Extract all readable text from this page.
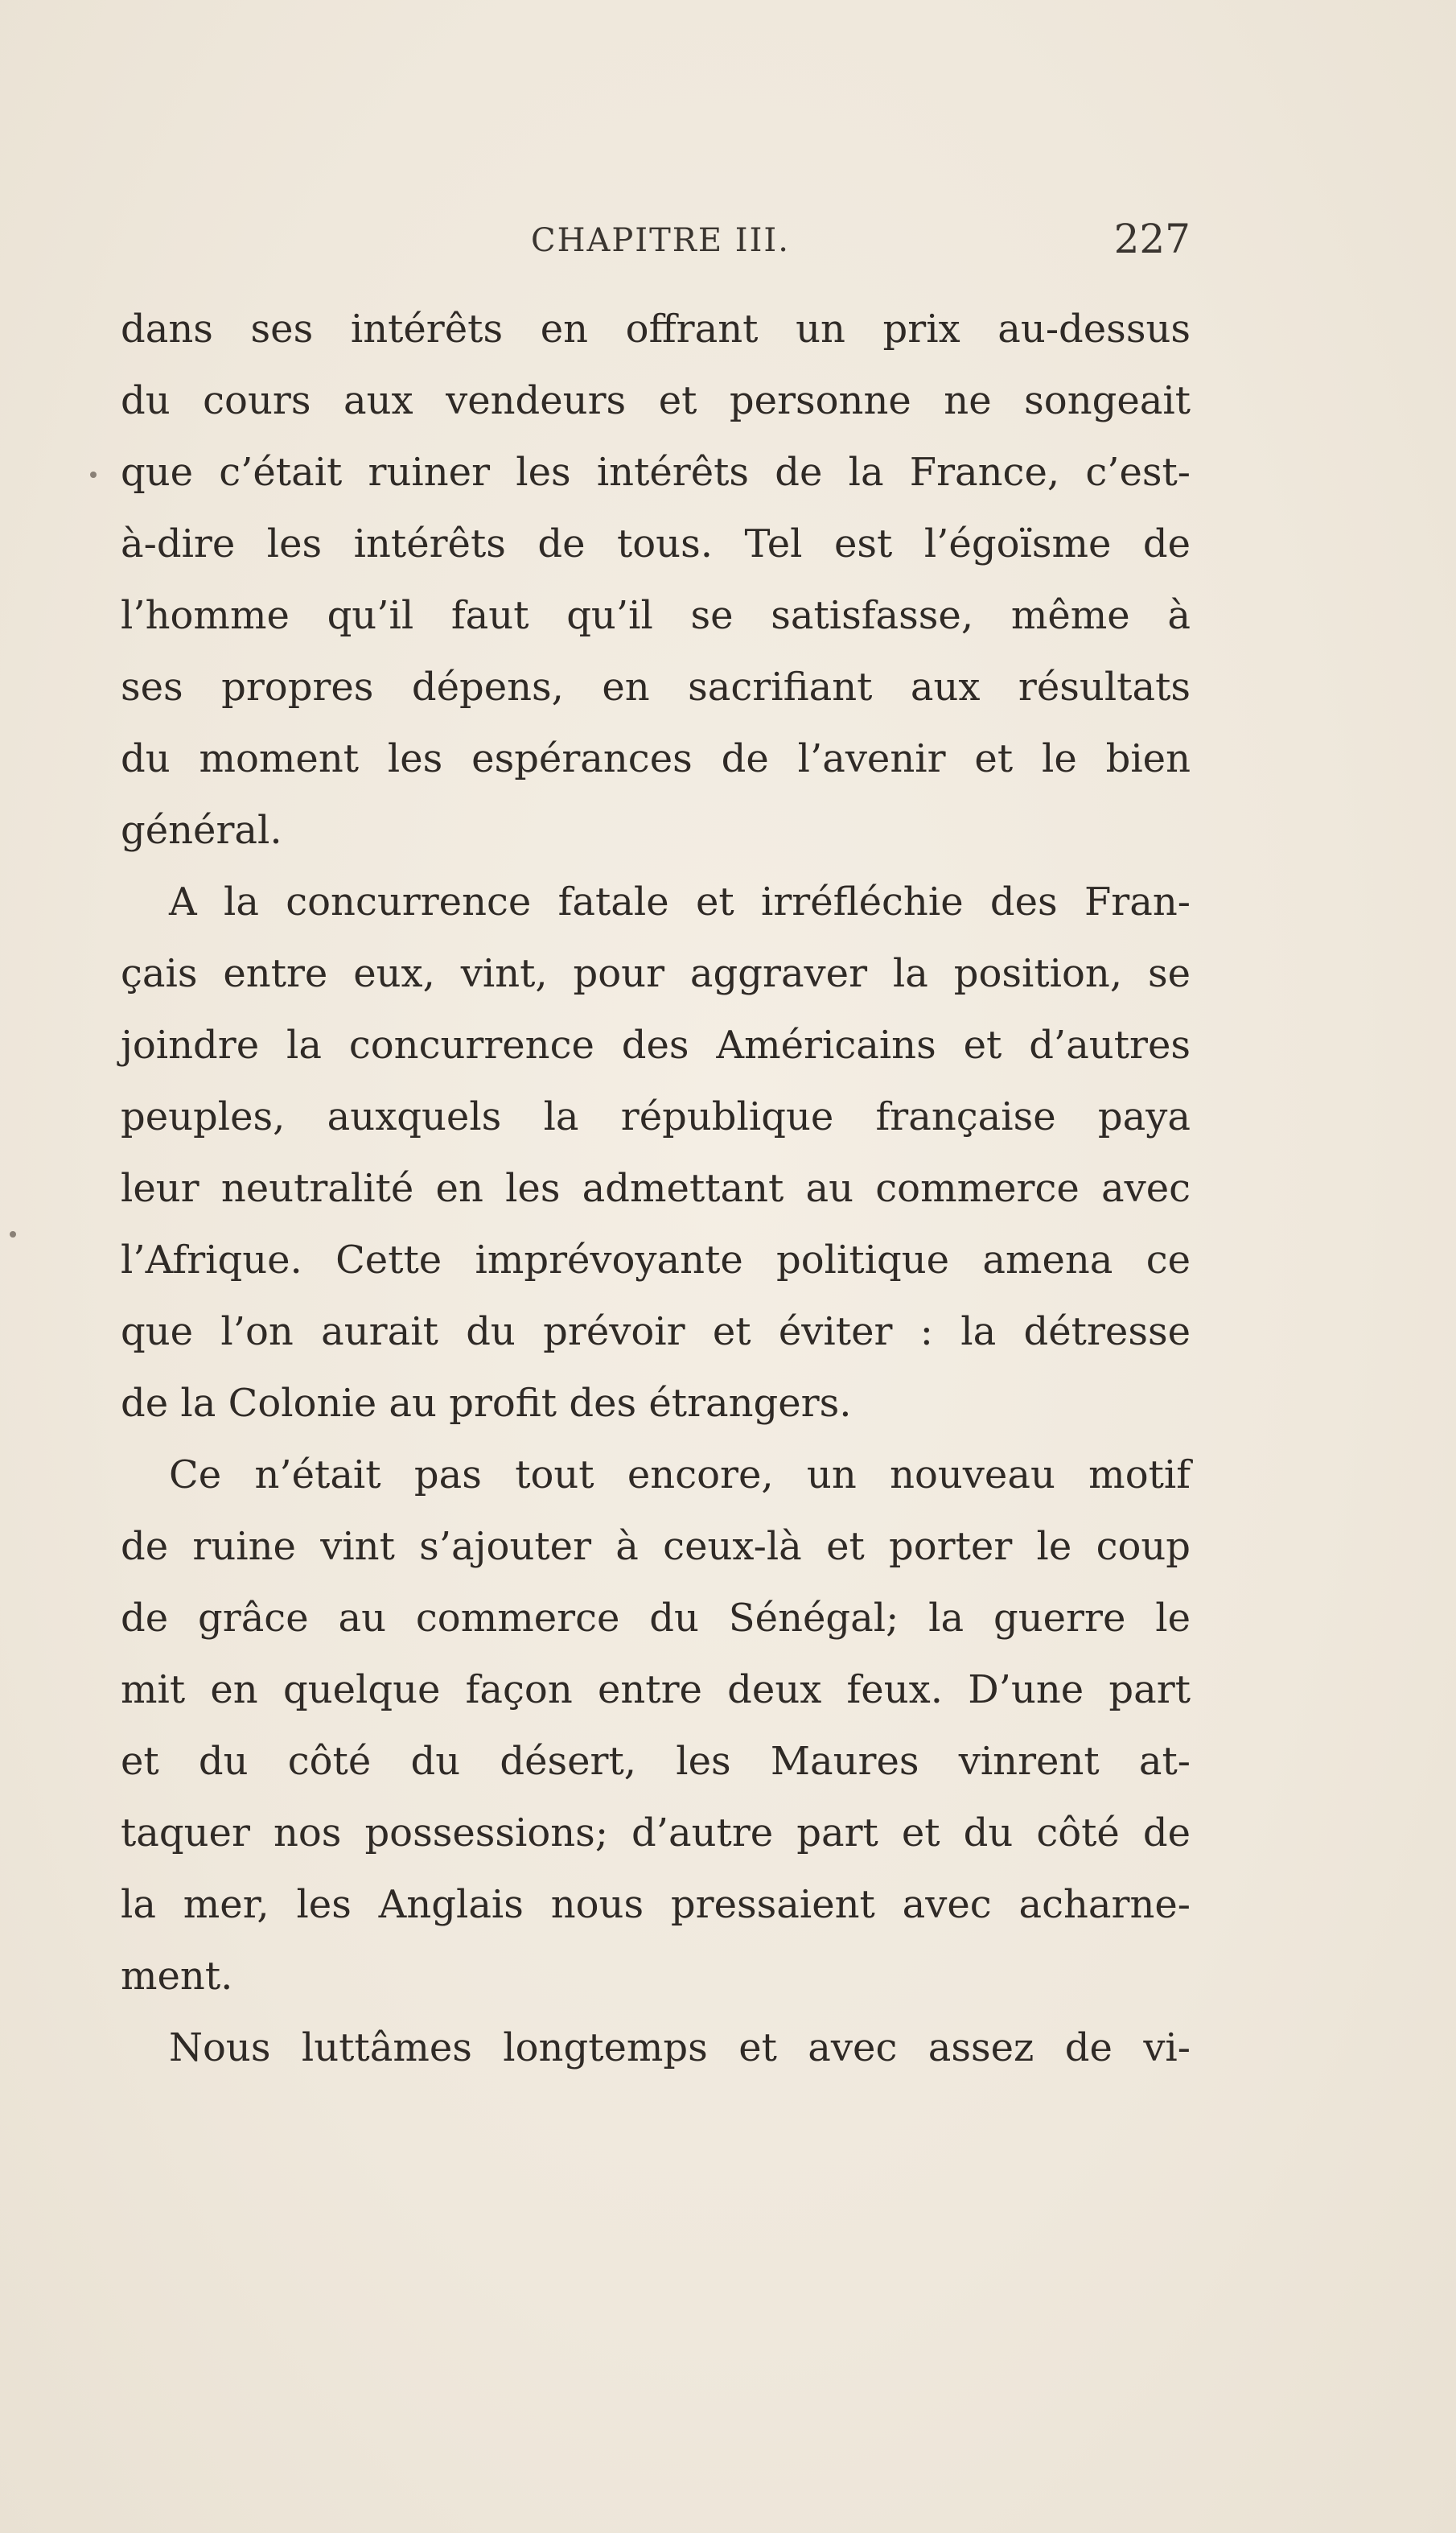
CHAPITRE III.	227
dans ses intérêts en offrant un prix au-dessus
du cours aux vendeurs et personne ne songeait
que c’était ruiner les intérêts de la France, c’est-
à-dire les intérêts de tous. Tel est l’égoïsme de
l’homme qu’il faut qu’il se satisfasse, même à
ses propres dépens, en sacrifiant aux résultats
du moment les espérances de l’avenir et le bien
général.
A la concurrence fatale et irréfléchie des Fran-
çais entre eux, vint, pour aggraver la position, se
joindre la concurrence des Américains et d’autres
peuples, auxquels la république française paya
leur neutralité en les admettant au commerce avec
l’Afrique. Cette imprévoyante politique amena ce
que l’on aurait du prévoir et éviter : la détresse
de la Colonie au profit des étrangers.
Ce n’était pas tout encore, un nouveau motif
de ruine vint s’ajouter à ceux-là et porter le coup
de grâce au commerce du Sénégal; la guerre le
mit en quelque façon entre deux feux. D’une part
et du côté du désert, les Maures vinrent at-
taquer nos possessions; d’autre part et du côté de
la mer, les Anglais nous pressaient avec acharne-
ment.
Nous luttâmes longtemps et avec assez de vi-
